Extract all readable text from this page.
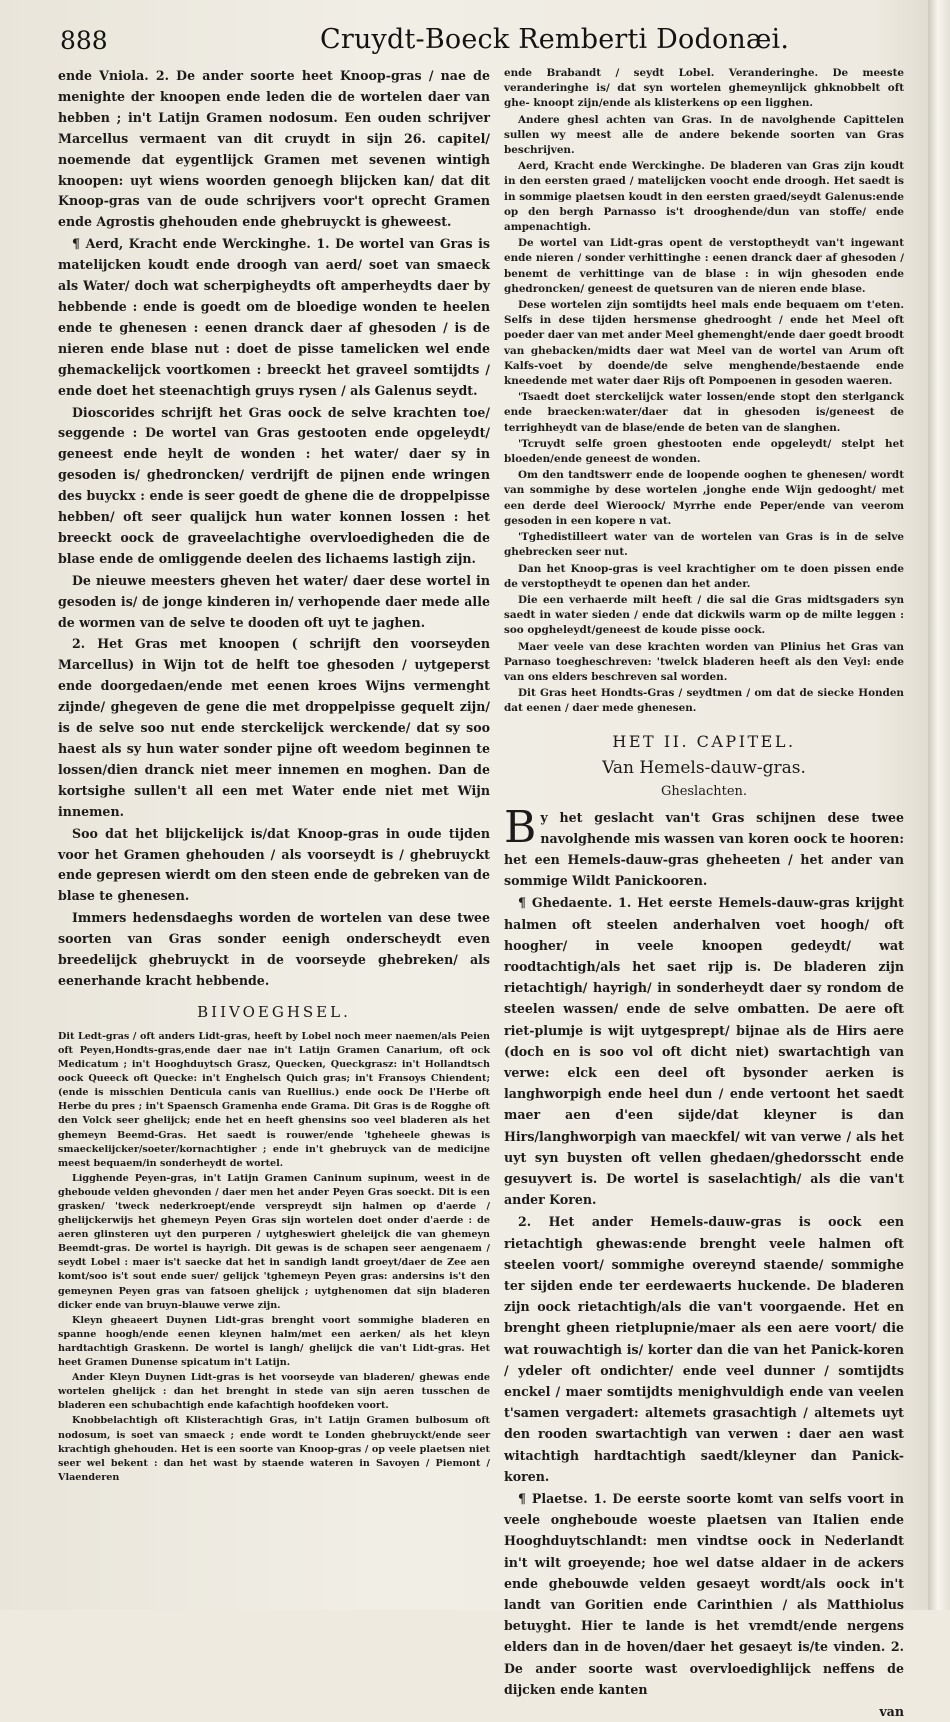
888	Cruydt-Boeck Remberti Dodonæi.

ende Vniola. 2. De ander soorte heet Knoop-gras / nae de menighte der knoopen ende leden die de wortelen daer van hebben ; in't Latijn Gramen nodosum. Een ouden schrijver Marcellus vermaent van dit cruydt in sijn 26. capitel/ noemende dat eygentlijck Gramen met sevenen wintigh knoopen: uyt wiens woorden genoegh blijcken kan/ dat dit Knoop-gras van de oude schrijvers voor't oprecht Gramen ende Agrostis ghehouden ende ghebruyckt is gheweest.

¶ Aerd, Kracht ende Werckinghe. 1. De wortel van Gras is matelijcken koudt ende droogh van aerd/ soet van smaeck als Water/ doch wat scherpigheydts oft amperheydts daer by hebbende : ende is goedt om de bloedige wonden te heelen ende te ghenesen : eenen dranck daer af ghesoden / is de nieren ende blase nut : doet de pisse tamelicken wel ende ghemackelijck voortkomen : breeckt het graveel somtijdts / ende doet het steenachtigh gruys rysen / als Galenus seydt.

Dioscorides schrijft het Gras oock de selve krachten toe/ seggende : De wortel van Gras gestooten ende opgeleydt/ geneest ende heylt de wonden : het water/ daer sy in gesoden is/ ghedroncken/ verdrijft de pijnen ende wringen des buyckx : ende is seer goedt de ghene die de droppelpisse hebben/ oft seer qualijck hun water konnen lossen : het breeckt oock de graveelachtighe overvloedigheden die de blase ende de omliggende deelen des lichaems lastigh zijn.

De nieuwe meesters gheven het water/ daer dese wortel in gesoden is/ de jonge kinderen in/ verhopende daer mede alle de wormen van de selve te dooden oft uyt te jaghen.

2. Het Gras met knoopen ( schrijft den voorseyden Marcellus) in Wijn tot de helft toe ghesoden / uytgeperst ende doorgedaen/ende met eenen kroes Wijns vermenght zijnde/ ghegeven de gene die met droppelpisse gequelt zijn/ is de selve soo nut ende sterckelijck werckende/ dat sy soo haest als sy hun water sonder pijne oft weedom beginnen te lossen/dien dranck niet meer innemen en moghen. Dan de kortsighe sullen't all een met Water ende niet met Wijn innemen.

Soo dat het blijckelijck is/dat Knoop-gras in oude tijden voor het Gramen ghehouden / als voorseydt is / ghebruyckt ende gepresen wierdt om den steen ende de gebreken van de blase te ghenesen.

Immers hedensdaeghs worden de wortelen van dese twee soorten van Gras sonder eenigh onderscheydt even breedelijck ghebruyckt in de voorseyde ghebreken/ als eenerhande kracht hebbende.

BIIVOEGHSEL.

Dit Ledt-gras / oft anders Lidt-gras, heeft by Lobel noch meer naemen/als Peien oft Peyen,Hondts-gras,ende daer nae in't Latijn Gramen Canarium, oft ock Medicatum ; in't Hooghduytsch Grasz, Quecken, Queckgrasz: in't Hollandtsch oock Queeck oft Quecke: in't Enghelsch Quich gras; in't Fransoys Chiendent; (ende is misschien Denticula canis van Ruellius.) ende oock De l'Herbe oft Herbe du pres ; in't Spaensch Gramenha ende Grama. Dit Gras is de Rogghe oft den Volck seer ghelijck; ende het en heeft ghensins soo veel bladeren als het ghemeyn Beemd-Gras. Het saedt is rouwer/ende 'tgheheele ghewas is smaeckelijcker/soeter/kornachtigher ; ende in't ghebruyck van de medicijne meest bequaem/in sonderheydt de wortel.

Ligghende Peyen-gras, in't Latijn Gramen Caninum supinum, weest in de gheboude velden ghevonden / daer men het ander Peyen Gras soeckt. Dit is een grasken/ 'tweck nederkroept/ende verspreydt sijn halmen op d'aerde / ghelijckerwijs het ghemeyn Peyen Gras sijn wortelen doet onder d'aerde : de aeren glinsteren uyt den purperen / uytgheswiert gheleijck die van ghemeyn Beemdt-gras. De wortel is hayrigh. Dit gewas is de schapen seer aengenaem / seydt Lobel : maer is't saecke dat het in sandigh landt groeyt/daer de Zee aen komt/soo is't sout ende suer/ gelijck 'tghemeyn Peyen gras: andersins is't den gemeynen Peyen gras van fatsoen ghelijck ; uytghenomen dat sijn bladeren dicker ende van bruyn-blauwe verwe zijn.

Kleyn gheaeert Duynen Lidt-gras brenght voort sommighe bladeren en spanne hoogh/ende eenen kleynen halm/met een aerken/ als het kleyn hardtachtigh Graskenn. De wortel is langh/ ghelijck die van't Lidt-gras. Het heet Gramen Dunense spicatum in't Latijn.

Ander Kleyn Duynen Lidt-gras is het voorseyde van bladeren/ ghewas ende wortelen ghelijck : dan het brenght in stede van sijn aeren tusschen de bladeren een schubachtigh ende kafachtigh hoofdeken voort.

Knobbelachtigh oft Klisterachtigh Gras, in't Latijn Gramen bulbosum oft nodosum, is soet van smaeck ; ende wordt te Londen ghebruyckt/ende seer krachtigh ghehouden. Het is een soorte van Knoop-gras / op veele plaetsen niet seer wel bekent : dan het wast by staende wateren in Savoyen / Piemont / Vlaenderen

ende Brabandt / seydt Lobel. Veranderinghe. De meeste veranderinghe is/ dat syn wortelen ghemeynlijck ghknobbelt oft ghe- knoopt zijn/ende als klisterkens op een ligghen.

Andere ghesl achten van Gras. In de navolghende Capittelen sullen wy meest alle de andere bekende soorten van Gras beschrijven.

Aerd, Kracht ende Werckinghe. De bladeren van Gras zijn koudt in den eersten graed / matelijcken voocht ende droogh. Het saedt is in sommige plaetsen koudt in den eersten graed/seydt Galenus:ende op den bergh Parnasso is't drooghende/dun van stoffe/ ende ampenachtigh.

De wortel van Lidt-gras opent de verstoptheydt van't ingewant ende nieren / sonder verhittinghe : eenen dranck daer af ghesoden / benemt de verhittinge van de blase : in wijn ghesoden ende ghedroncken/ geneest de quetsuren van de nieren ende blase.

Dese wortelen zijn somtijdts heel mals ende bequaem om t'eten. Selfs in dese tijden hersmense ghedrooght / ende het Meel oft poeder daer van met ander Meel ghemenght/ende daer goedt broodt van ghebacken/midts daer wat Meel van de wortel van Arum oft Kalfs-voet by doende/de selve menghende/bestaende ende kneedende met water daer Rijs oft Pompoenen in gesoden waeren.

'Tsaedt doet sterckelijck water lossen/ende stopt den sterlganck ende braecken:water/daer dat in ghesoden is/geneest de terrighheydt van de blase/ende de beten van de slanghen.

'Tcruydt selfe groen ghestooten ende opgeleydt/ stelpt het bloeden/ende geneest de wonden.

Om den tandtswerr ende de loopende ooghen te ghenesen/ wordt van sommighe by dese wortelen ,jonghe ende Wijn gedooght/ met een derde deel Wieroock/ Myrrhe ende Peper/ende van veerom gesoden in een kopere n vat.

'Tghedistilleert water van de wortelen van Gras is in de selve ghebrecken seer nut.

Dan het Knoop-gras is veel krachtigher om te doen pissen ende de verstoptheydt te openen dan het ander.

Die een verhaerde milt heeft / die sal die Gras midtsgaders syn saedt in water sieden / ende dat dickwils warm op de milte leggen : soo opgheleydt/geneest de koude pisse oock.

Maer veele van dese krachten worden van Plinius het Gras van Parnaso toegheschreven: 'twelck bladeren heeft als den Veyl: ende van ons elders beschreven sal worden.

Dit Gras heet Hondts-Gras / seydtmen / om dat de siecke Honden dat eenen / daer mede ghenesen.

HET II. CAPITEL.
Van Hemels-dauw-gras.
Gheslachten.

By het geslacht van't Gras schijnen dese twee navolghende mis wassen van koren oock te hooren: het een Hemels-dauw-gras gheheeten / het ander van sommige Wildt Panickooren.

¶ Ghedaente. 1. Het eerste Hemels-dauw-gras krijght halmen oft steelen anderhalven voet hoogh/ oft hoogher/ in veele knoopen gedeydt/ wat roodtachtigh/als het saet rijp is. De bladeren zijn rietachtigh/ hayrigh/ in sonderheydt daer sy rondom de steelen wassen/ ende de selve ombatten. De aere oft riet-plumje is wijt uytgesprept/ bijnae als de Hirs aere (doch en is soo vol oft dicht niet) swartachtigh van verwe: elck een deel oft bysonder aerken is langhworpigh ende heel dun / ende vertoont het saedt maer aen d'een sijde/dat kleyner is dan Hirs/langhworpigh van maeckfel/ wit van verwe / als het uyt syn buysten oft vellen ghedaen/ghedorsscht ende gesuyvert is. De wortel is saselachtigh/ als die van't ander Koren.

2. Het ander Hemels-dauw-gras is oock een rietachtigh ghewas:ende brenght veele halmen oft steelen voort/ sommighe overeynd staende/ sommighe ter sijden ende ter eerdewaerts huckende. De bladeren zijn oock rietachtigh/als die van't voorgaende. Het en brenght gheen rietplupnie/maer als een aere voort/ die wat rouwachtigh is/ korter dan die van het Panick-koren / ydeler oft ondichter/ ende veel dunner / somtijdts enckel / maer somtijdts menighvuldigh ende van veelen t'samen vergadert: altemets grasachtigh / altemets uyt den rooden swartachtigh van verwen : daer aen wast witachtigh hardtachtigh saedt/kleyner dan Panick-koren.

¶ Plaetse. 1. De eerste soorte komt van selfs voort in veele ongheboude woeste plaetsen van Italien ende Hooghduytschlandt: men vindtse oock in Nederlandt in't wilt groeyende; hoe wel datse aldaer in de ackers ende ghebouwde velden gesaeyt wordt/als oock in't landt van Goritien ende Carinthien / als Matthiolus betuyght. Hier te lande is het vremdt/ende nergens elders dan in de hoven/daer het gesaeyt is/te vinden. 2. De ander soorte wast overvloedighlijck neffens de dijcken ende kanten

van
